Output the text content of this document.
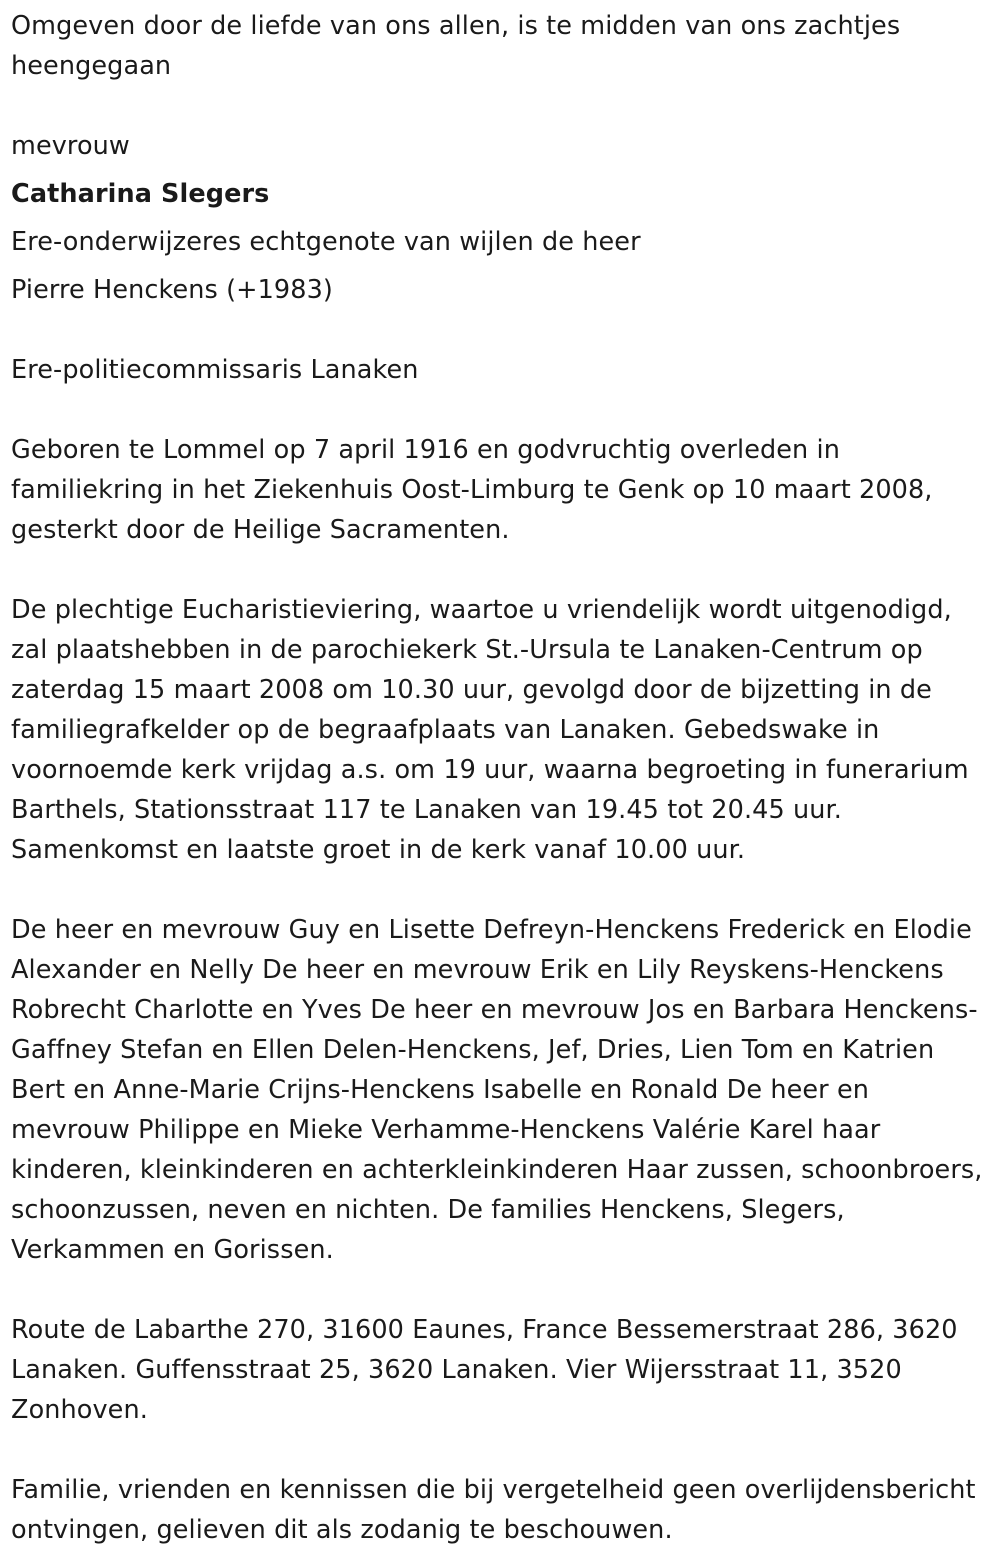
Omgeven door de liefde van ons allen, is te midden van ons zachtjes heengegaan

mevrouw

Catharina Slegers

Ere-onderwijzeres echtgenote van wijlen de heer

Pierre Henckens (+1983)

Ere-politiecommissaris Lanaken

Geboren te Lommel op 7 april 1916 en godvruchtig overleden in familiekring in het Ziekenhuis Oost-Limburg te Genk op 10 maart 2008, gesterkt door de Heilige Sacramenten.

De plechtige Eucharistieviering, waartoe u vriendelijk wordt uitgenodigd, zal plaatshebben in de parochiekerk St.-Ursula te Lanaken-Centrum op zaterdag 15 maart 2008 om 10.30 uur, gevolgd door de bijzetting in de familiegrafkelder op de begraafplaats van Lanaken. Gebedswake in voornoemde kerk vrijdag a.s. om 19 uur, waarna begroeting in funerarium Barthels, Stationsstraat 117 te Lanaken van 19.45 tot 20.45 uur. Samenkomst en laatste groet in de kerk vanaf 10.00 uur.

De heer en mevrouw Guy en Lisette Defreyn-Henckens Frederick en Elodie Alexander en Nelly De heer en mevrouw Erik en Lily Reyskens-Henckens Robrecht Charlotte en Yves De heer en mevrouw Jos en Barbara Henckens-Gaffney Stefan en Ellen Delen-Henckens, Jef, Dries, Lien Tom en Katrien Bert en Anne-Marie Crijns-Henckens Isabelle en Ronald De heer en mevrouw Philippe en Mieke Verhamme-Henckens Valérie Karel haar kinderen, kleinkinderen en achterkleinkinderen Haar zussen, schoonbroers, schoonzussen, neven en nichten. De families Henckens, Slegers, Verkammen en Gorissen.

Route de Labarthe 270, 31600 Eaunes, France Bessemerstraat 286, 3620 Lanaken. Guffensstraat 25, 3620 Lanaken. Vier Wijersstraat 11, 3520 Zonhoven.

Familie, vrienden en kennissen die bij vergetelheid geen overlijdensbericht ontvingen, gelieven dit als zodanig te beschouwen.
